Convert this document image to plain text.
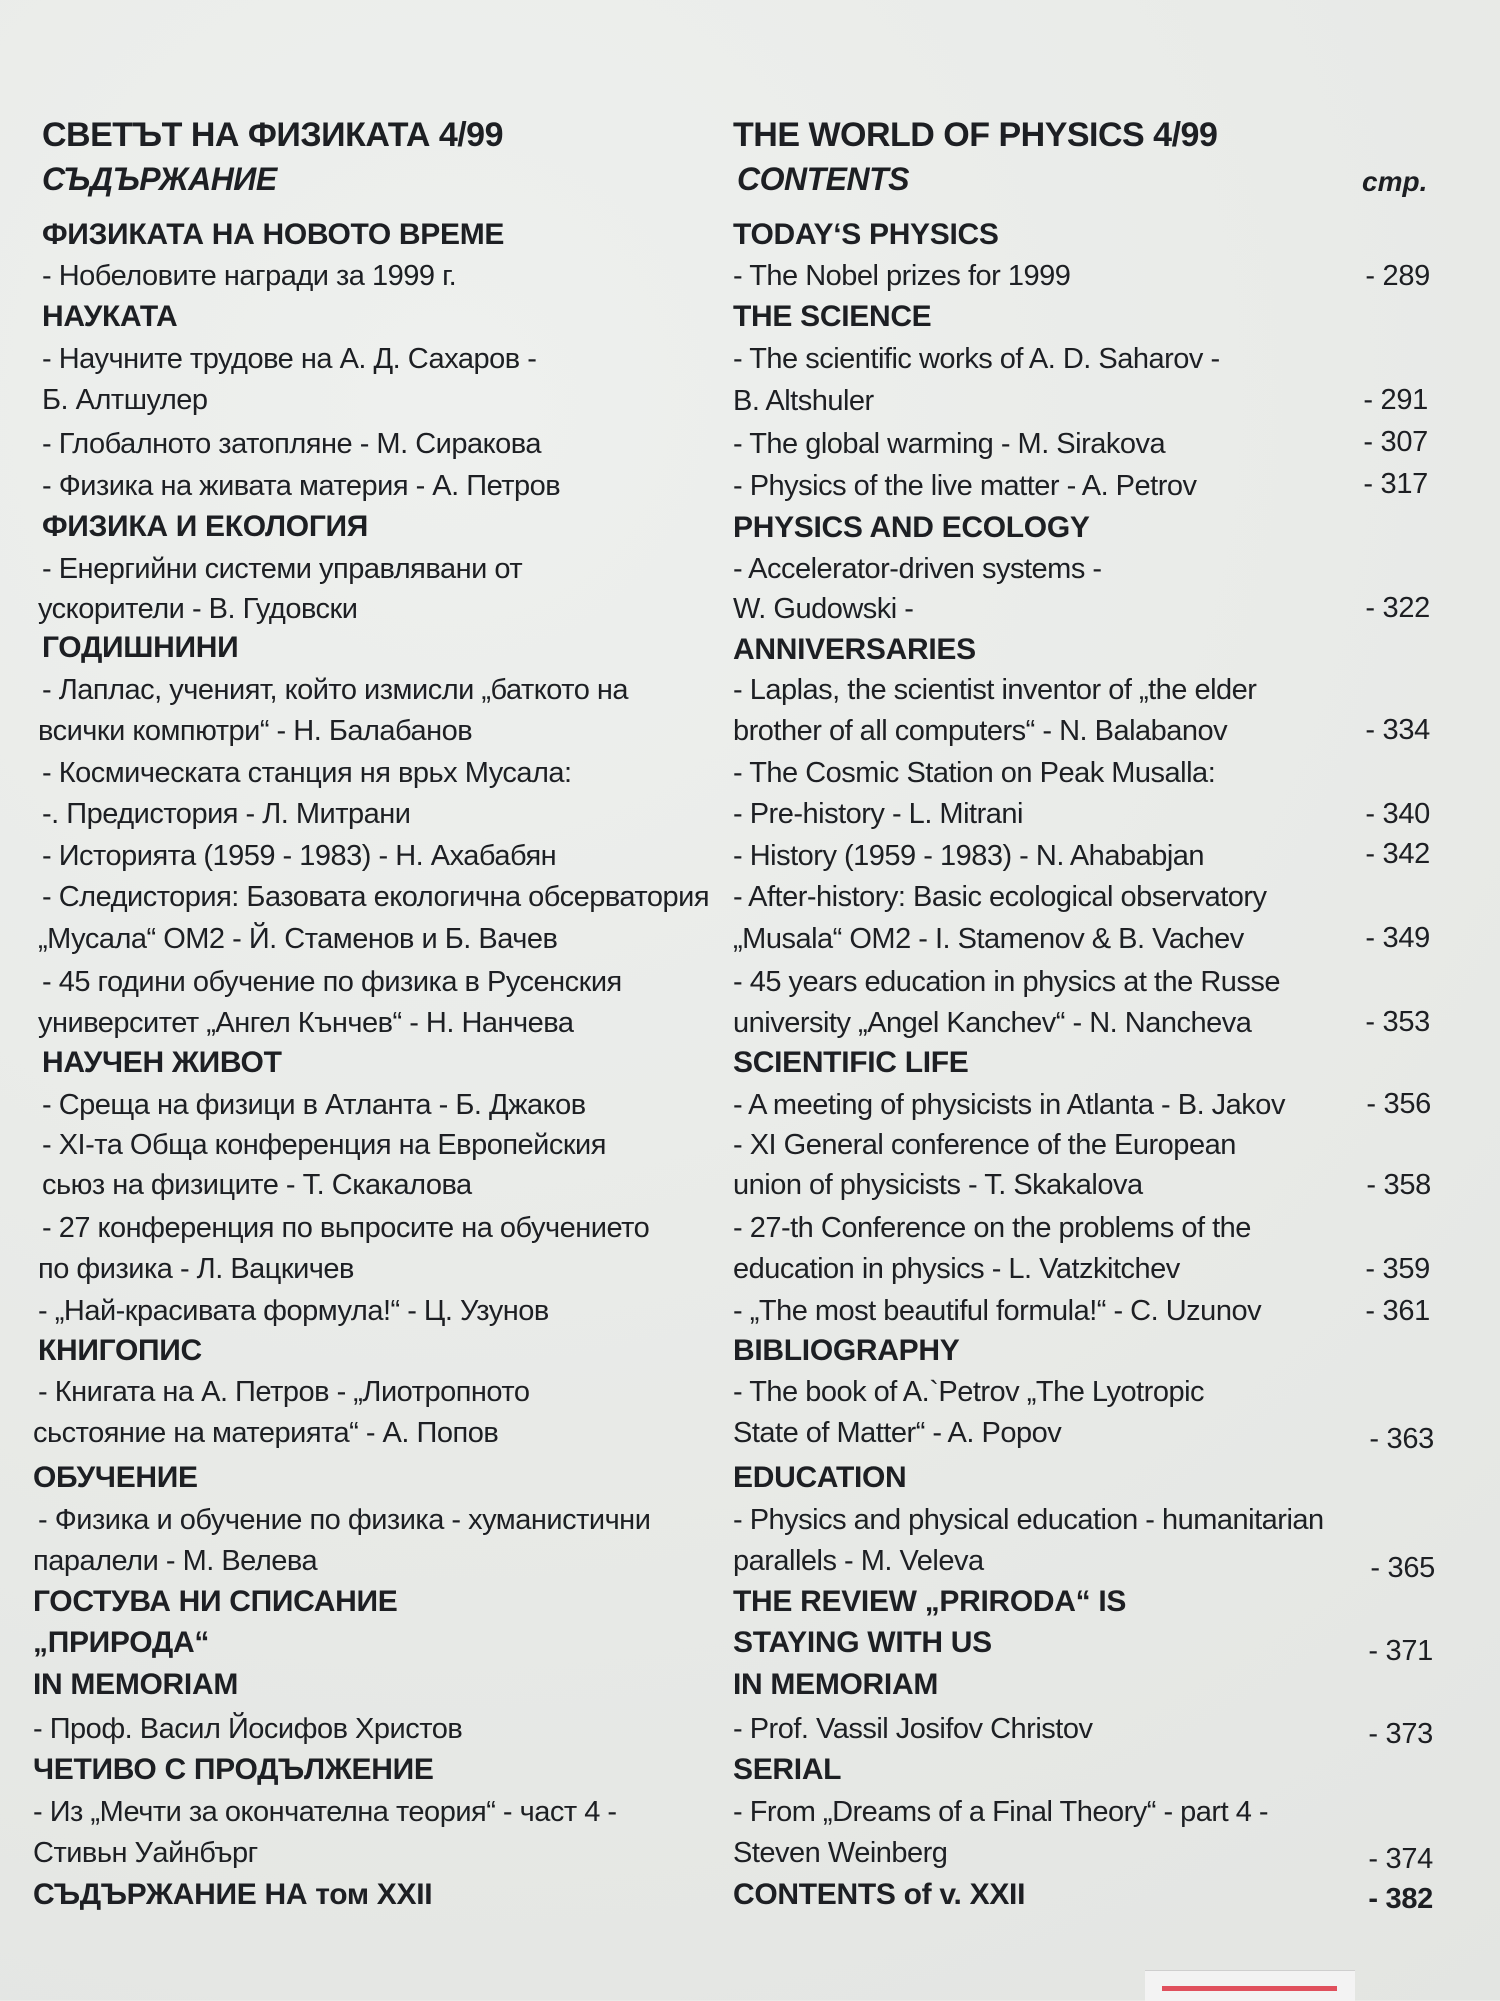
СВЕТЪТ НА ФИЗИКАТА 4/99
СЪДЪРЖАНИЕ
ФИЗИКАТА НА НОВОТО ВРЕМЕ
- Нобеловите награди за 1999 г.
НАУКАТА
- Научните трудове на А. Д. Сахаров -
Б. Алтшулер
- Глобалното затопляне - М. Сиракова
- Физика на живата материя - А. Петров
ФИЗИКА И ЕКОЛОГИЯ
- Енергийни системи управлявани от
ускорители - В. Гудовски
ГОДИШНИНИ
- Лаплас, ученият, който измисли „баткото на
всички компютри“ - Н. Балабанов
- Космическата станция ня врьх Мусала:
-. Предистория - Л. Митрани
- Историята (1959 - 1983) - Н. Ахабабян
- Следистория: Базовата екологична обсерватория
„Мусала“ ОМ2 - Й. Стаменов и Б. Вачев
- 45 години обучение по физика в Русенския
университет „Ангел Кънчев“ - Н. Нанчева
НАУЧЕН ЖИВОТ
- Среща на физици в Атланта - Б. Джаков
- XI-та Обща конференция на Европейския
сьюз на физиците - Т. Скакалова
- 27 конференция по вьпросите на обучението
по физика - Л. Вацкичев
- „Най-красивата формула!“ - Ц. Узунов
КНИГОПИС
- Книгата на А. Петров - „Лиотропното
сьстояние на материята“ - А. Попов
ОБУЧЕНИЕ
- Физика и обучение по физика - хуманистични
паралели - М. Велева
ГОСТУВА НИ СПИСАНИЕ
„ПРИРОДА“
IN MEMORIAM
- Проф. Васил Йосифов Христов
ЧЕТИВО С ПРОДЪЛЖЕНИЕ
- Из „Мечти за окончателна теория“ - част 4 -
Стивьн Уайнбърг
СЪДЪРЖАНИЕ НА том XXII
THE WORLD OF PHYSICS 4/99
CONTENTS	стр.
TODAY‘S PHYSICS
- The Nobel prizes for 1999
THE SCIENCE
- The scientific works of A. D. Saharov -
B. Altshuler
- The global warming - M. Sirakova
- Physics of the live matter - A. Petrov
PHYSICS AND ECOLOGY
- Accelerator-driven systems -
W. Gudowski -
ANNIVERSARIES
- Laplas, the scientist inventor of „the elder
brother of all computers“ - N. Balabanov
- The Cosmic Station on Peak Musalla:
- Pre-history - L. Mitrani
- History (1959 - 1983) - N. Ahababjan
- After-history: Basic ecological observatory
„Musala“ OM2 - I. Stamenov & B. Vachev
- 45 years education in physics at the Russe
university „Angel Kanchev“ - N. Nancheva
SCIENTIFIC LIFE
- A meeting of physicists in Atlanta - B. Jakov
- XI General conference of the European
union of physicists - T. Skakalova
- 27-th Conference on the problems of the
education in physics - L. Vatzkitchev
- „The most beautiful formula!“ - C. Uzunov
BIBLIOGRAPHY
- The book of A.`Petrov „The Lyotropic
State of Matter“ - A. Popov
EDUCATION
- Physics and physical education - humanitarian
parallels - M. Veleva
THE REVIEW „PRIRODA“ IS
STAYING WITH US
IN MEMORIAM
- Prof. Vassil Josifov Christov
SERIAL
- From „Dreams of a Final Theory“ - part 4 -
Steven Weinberg
CONTENTS of v. XXII
- 289
- 291
- 307
- 317
- 322
- 334
- 340
- 342
- 349
- 353
- 356
- 358
- 359
- 361
- 363
- 365
- 371
- 373
- 374
- 382
